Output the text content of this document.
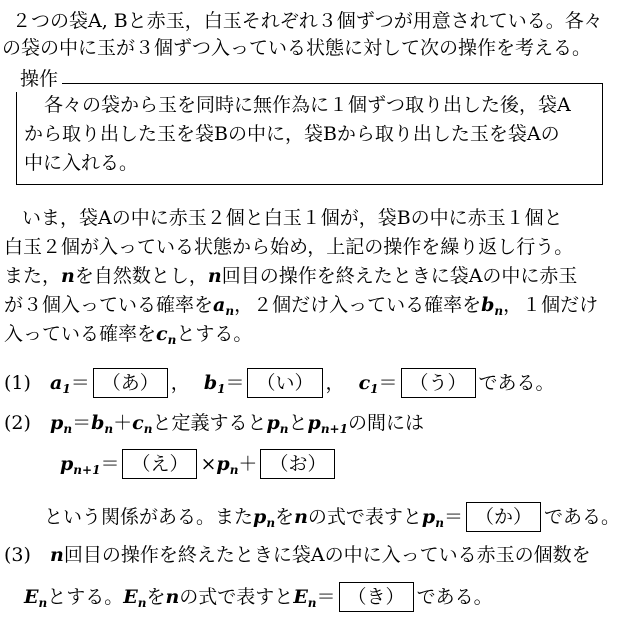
２つの袋A, Bと赤玉，白玉それぞれ３個ずつが用意されている。各々
の袋の中に玉が３個ずつ入っている状態に対して次の操作を考える。
操作
各々の袋から玉を同時に無作為に１個ずつ取り出した後，袋A
から取り出した玉を袋Bの中に，袋Bから取り出した玉を袋Aの
中に入れる。
いま，袋Aの中に赤玉２個と白玉１個が，袋Bの中に赤玉１個と
白玉２個が入っている状態から始め，上記の操作を繰り返し行う。
また，nを自然数とし，n回目の操作を終えたときに袋Aの中に赤玉
が３個入っている確率を$a_n$，２個だけ入っている確率を$b_n$，１個だけ
入っている確率を$c_n$とする。
(1) $a_1=$ （あ） ， $b_1=$ （い） ， $c_1=$ （う） である。
(2) $p_n=b_n+c_n$と定義すると$p_n$と$p_{n+1}$の間には
$p_{n+1}=$ （え） $\times p_n+$ （お）
という関係がある。また$p_n$をnの式で表すと$p_n=$ （か） である。
(3) n回目の操作を終えたときに袋Aの中に入っている赤玉の個数を
$E_n$とする。$E_n$をnの式で表すと$E_n=$ （き） である。
